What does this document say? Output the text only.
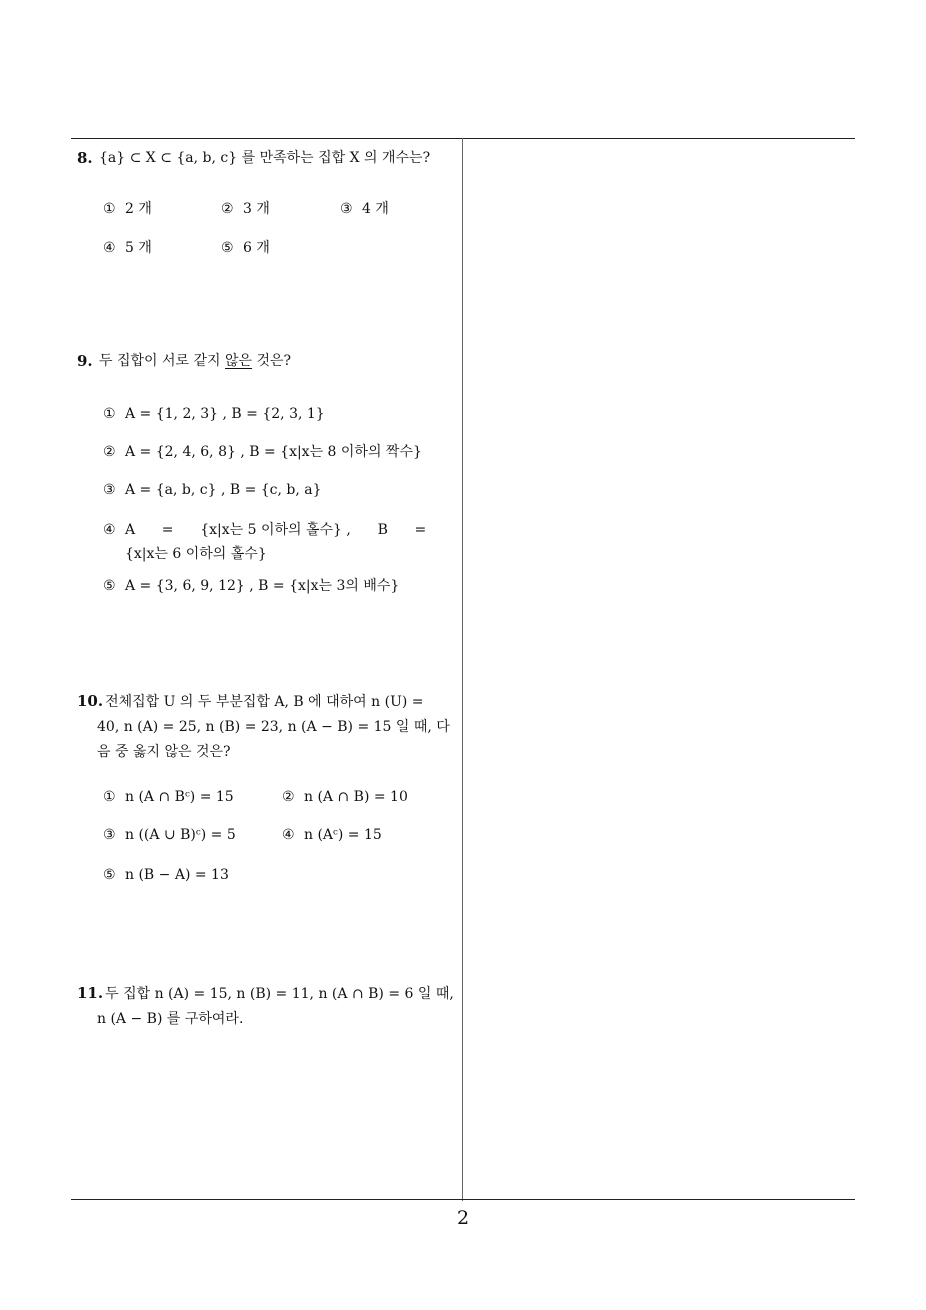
8. {a} ⊂ X ⊂ {a, b, c} 를 만족하는 집합 X 의 개수는?
① 2 개	② 3 개	③ 4 개
④ 5 개	⑤ 6 개
9. 두 집합이 서로 같지 않은 것은?
① A = {1, 2, 3} , B = {2, 3, 1}
② A = {2, 4, 6, 8} , B = {x|x는 8 이하의 짝수}
③ A = {a, b, c} , B = {c, b, a}
④ A      =      {x|x는 5 이하의 홀수} ,      B      =
{x|x는 6 이하의 홀수}
⑤ A = {3, 6, 9, 12} , B = {x|x는 3의 배수}
10. 전체집합 U 의 두 부분집합 A, B 에 대하여 n (U) =
40, n (A) = 25, n (B) = 23, n (A − B) = 15 일 때, 다
음 중 옳지 않은 것은?
① n (A ∩ Bᶜ) = 15	② n (A ∩ B) = 10
③ n ((A ∪ B)ᶜ) = 5	④ n (Aᶜ) = 15
⑤ n (B − A) = 13
11. 두 집합 n (A) = 15, n (B) = 11, n (A ∩ B) = 6 일 때,
n (A − B) 를 구하여라.
2
